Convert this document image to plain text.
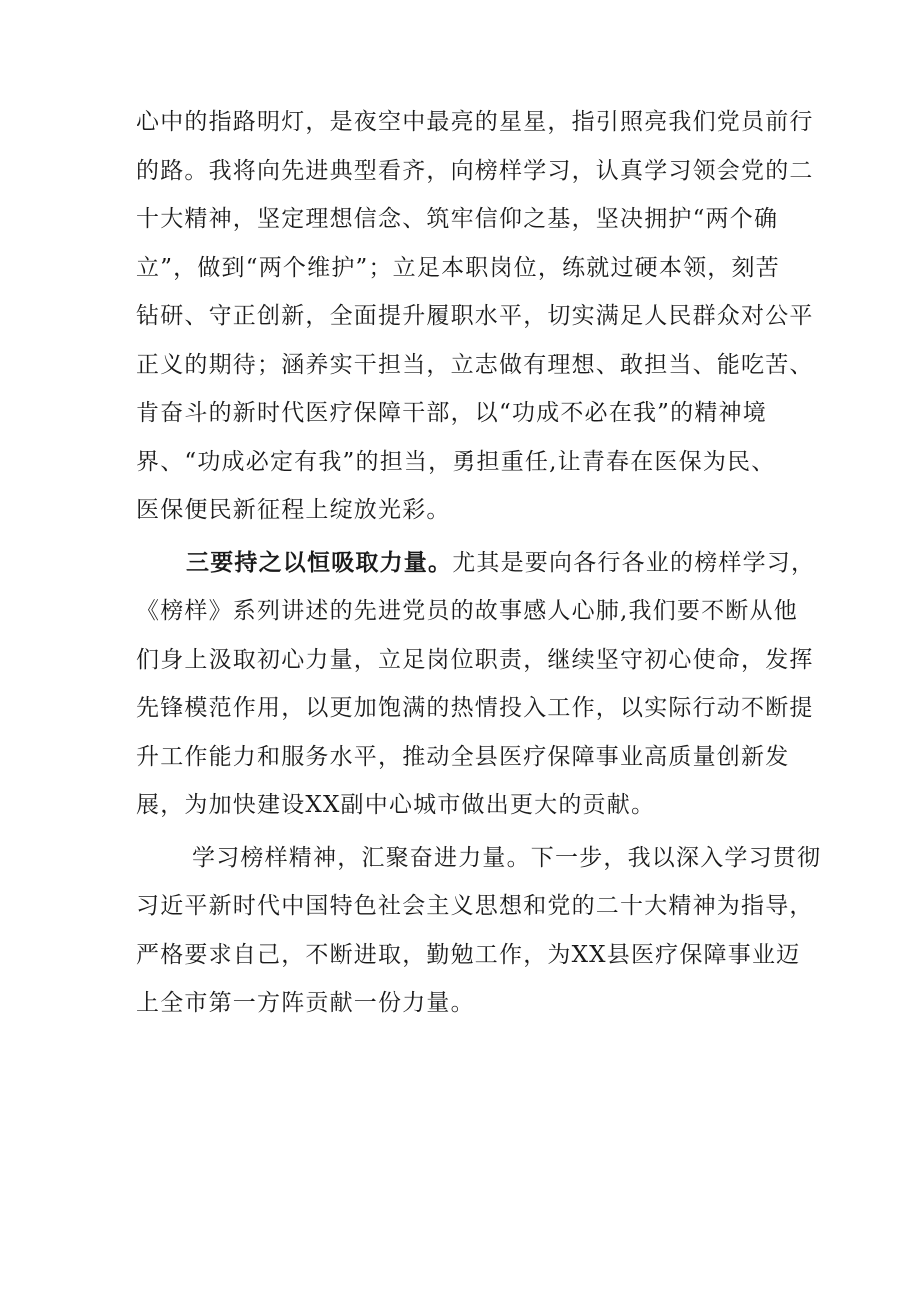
心中的指路明灯，是夜空中最亮的星星，指引照亮我们党员前行
的路。我将向先进典型看齐，向榜样学习，认真学习领会党的二
十大精神，坚定理想信念、筑牢信仰之基，坚决拥护“两个确
立”，做到“两个维护”；立足本职岗位，练就过硬本领，刻苦
钻研、守正创新，全面提升履职水平，切实满足人民群众对公平
正义的期待；涵养实干担当，立志做有理想、敢担当、能吃苦、
肯奋斗的新时代医疗保障干部，以“功成不必在我”的精神境
界、“功成必定有我”的担当，勇担重任,让青春在医保为民、
医保便民新征程上绽放光彩。
三要持之以恒吸取力量。尤其是要向各行各业的榜样学习，
《榜样》系列讲述的先进党员的故事感人心肺,我们要不断从他
们身上汲取初心力量，立足岗位职责，继续坚守初心使命，发挥
先锋模范作用，以更加饱满的热情投入工作，以实际行动不断提
升工作能力和服务水平，推动全县医疗保障事业高质量创新发
展，为加快建设XX副中心城市做出更大的贡献。
学习榜样精神，汇聚奋进力量。下一步，我以深入学习贯彻
习近平新时代中国特色社会主义思想和党的二十大精神为指导，
严格要求自己，不断进取，勤勉工作，为XX县医疗保障事业迈
上全市第一方阵贡献一份力量。
